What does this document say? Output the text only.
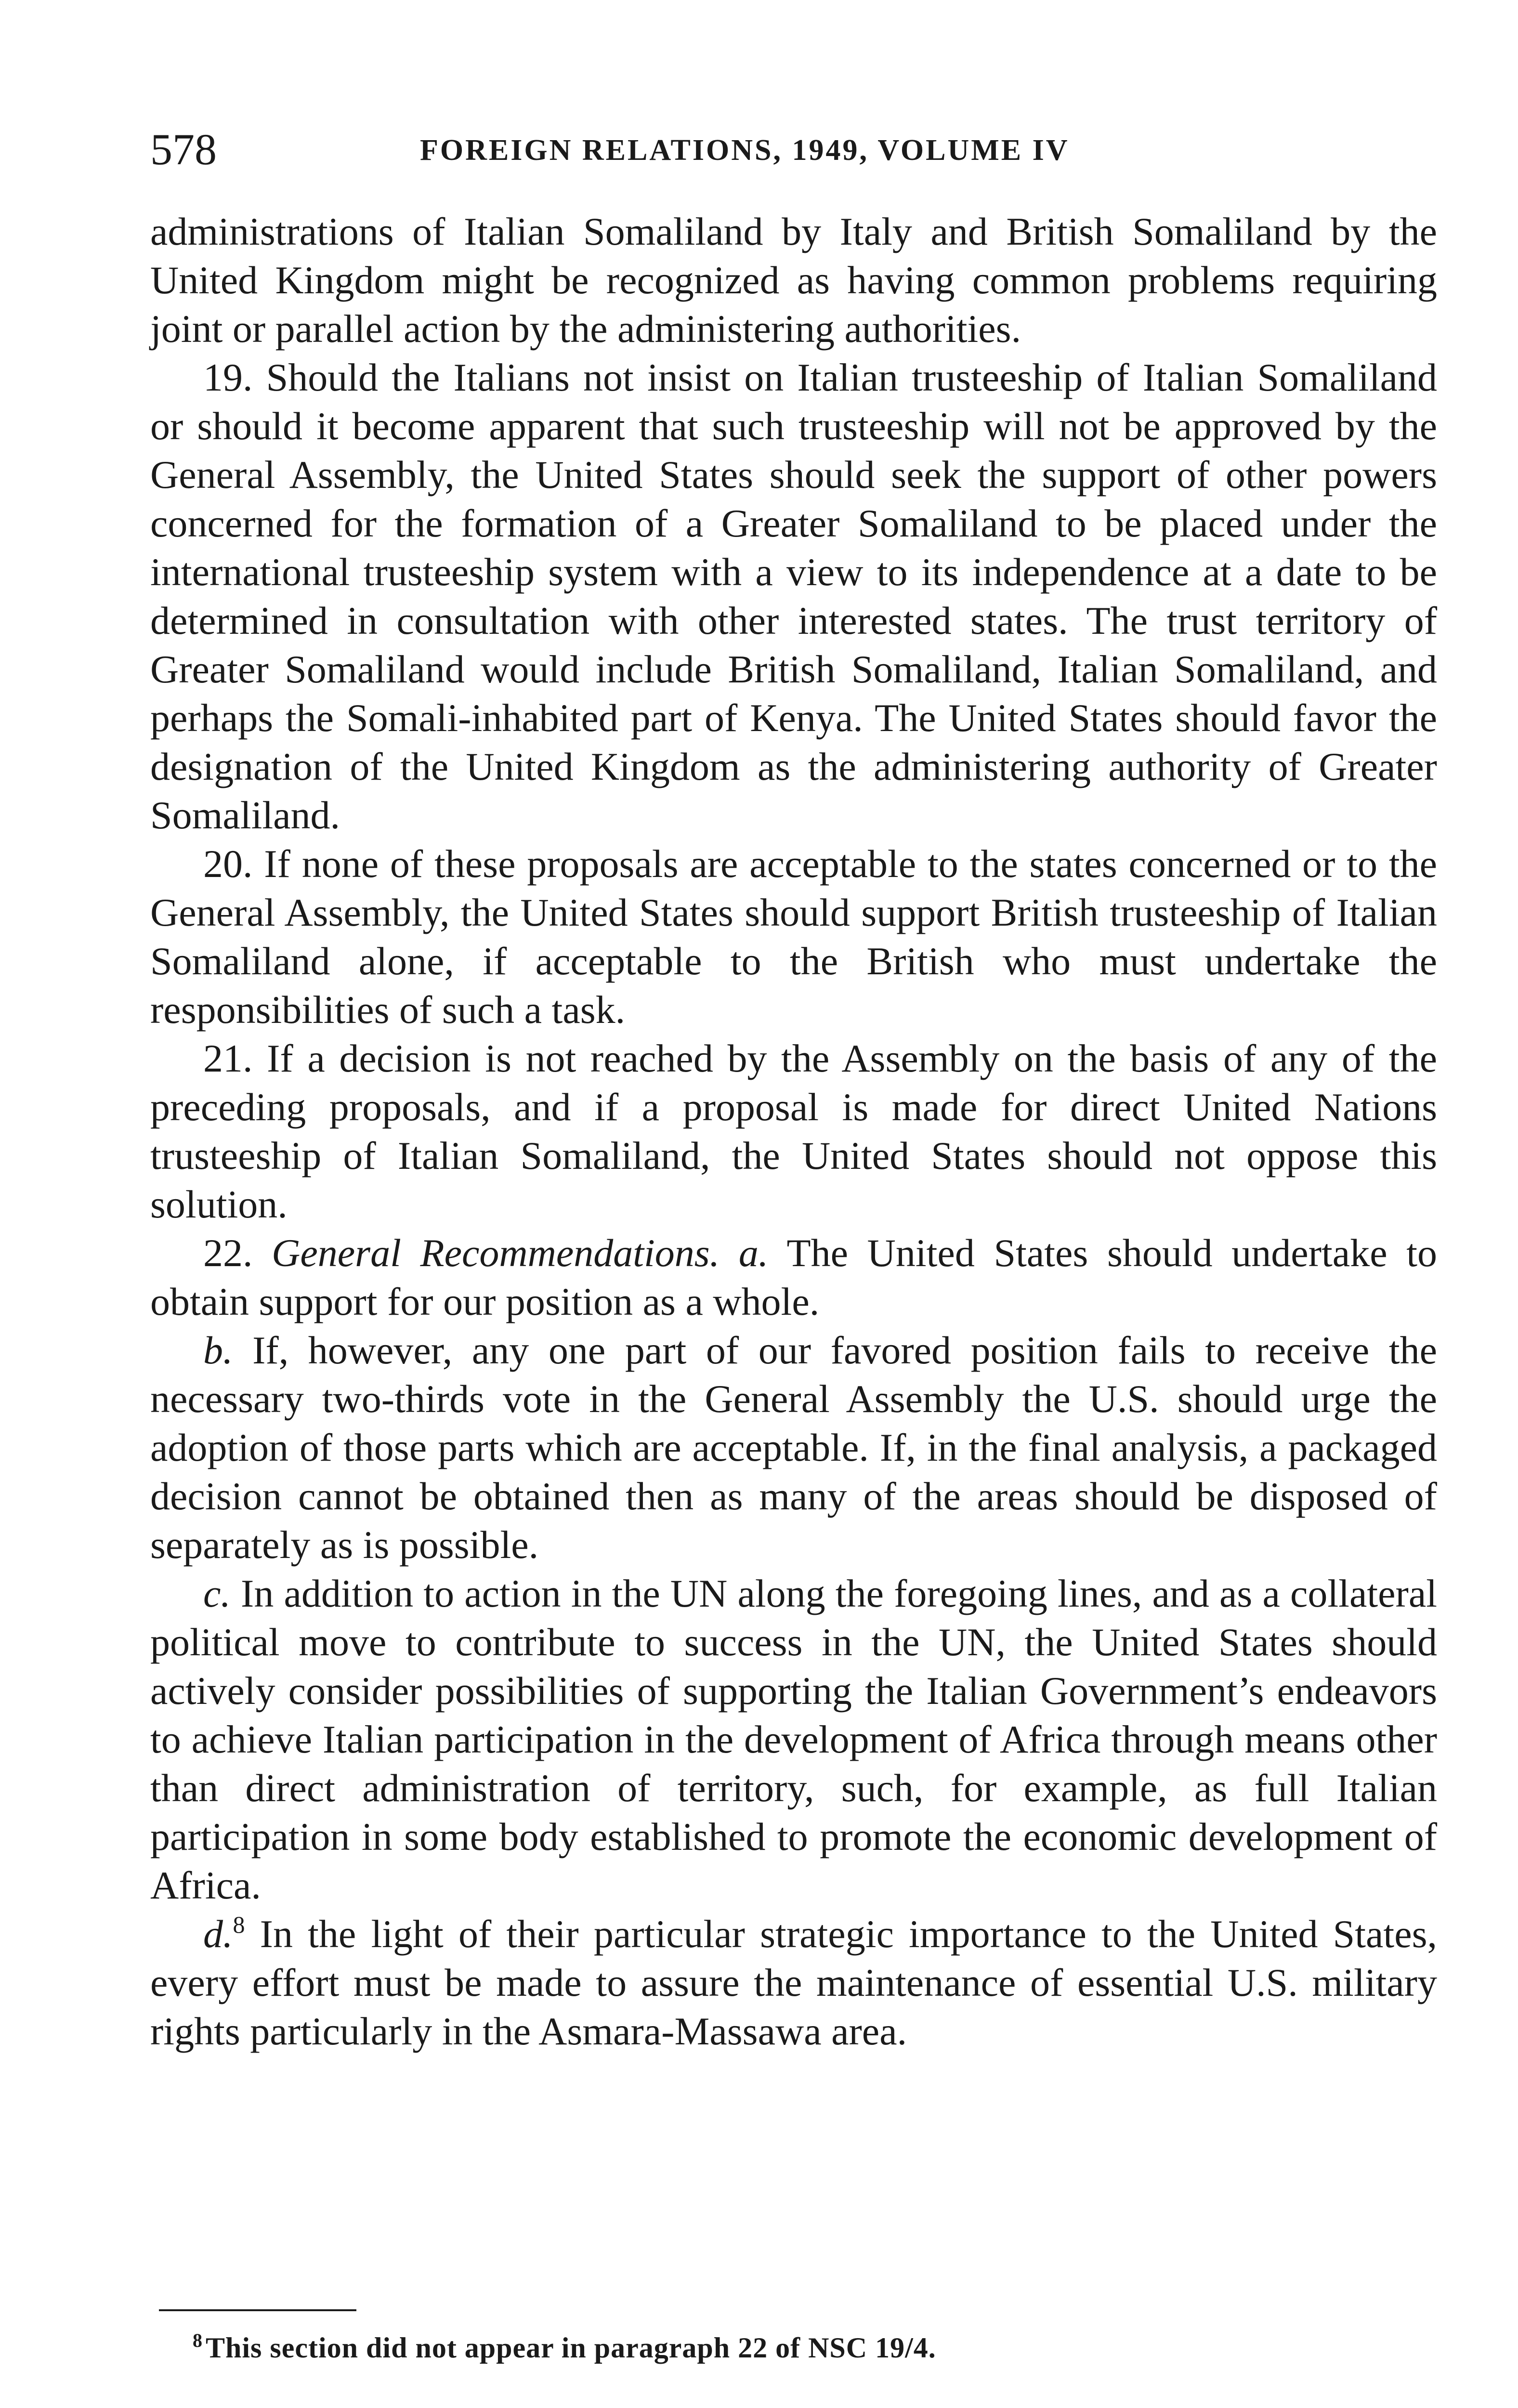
578	FOREIGN RELATIONS, 1949, VOLUME IV

administrations of Italian Somaliland by Italy and British Somaliland by the United Kingdom might be recognized as having common problems requiring joint or parallel action by the administering authorities.

19. Should the Italians not insist on Italian trusteeship of Italian Somaliland or should it become apparent that such trusteeship will not be approved by the General Assembly, the United States should seek the support of other powers concerned for the formation of a Greater Somaliland to be placed under the international trusteeship system with a view to its independence at a date to be determined in consultation with other interested states. The trust territory of Greater Somaliland would include British Somaliland, Italian Somaliland, and perhaps the Somali-inhabited part of Kenya. The United States should favor the designation of the United Kingdom as the administering authority of Greater Somaliland.

20. If none of these proposals are acceptable to the states concerned or to the General Assembly, the United States should support British trusteeship of Italian Somaliland alone, if acceptable to the British who must undertake the responsibilities of such a task.

21. If a decision is not reached by the Assembly on the basis of any of the preceding proposals, and if a proposal is made for direct United Nations trusteeship of Italian Somaliland, the United States should not oppose this solution.

22. General Recommendations. a. The United States should undertake to obtain support for our position as a whole.

b. If, however, any one part of our favored position fails to receive the necessary two-thirds vote in the General Assembly the U.S. should urge the adoption of those parts which are acceptable. If, in the final analysis, a packaged decision cannot be obtained then as many of the areas should be disposed of separately as is possible.

c. In addition to action in the UN along the foregoing lines, and as a collateral political move to contribute to success in the UN, the United States should actively consider possibilities of supporting the Italian Government’s endeavors to achieve Italian participation in the development of Africa through means other than direct administration of territory, such, for example, as full Italian participation in some body established to promote the economic development of Africa.

d.$^8$ In the light of their particular strategic importance to the United States, every effort must be made to assure the maintenance of essential U.S. military rights particularly in the Asmara-Massawa area.

$^8$ This section did not appear in paragraph 22 of NSC 19/4.
